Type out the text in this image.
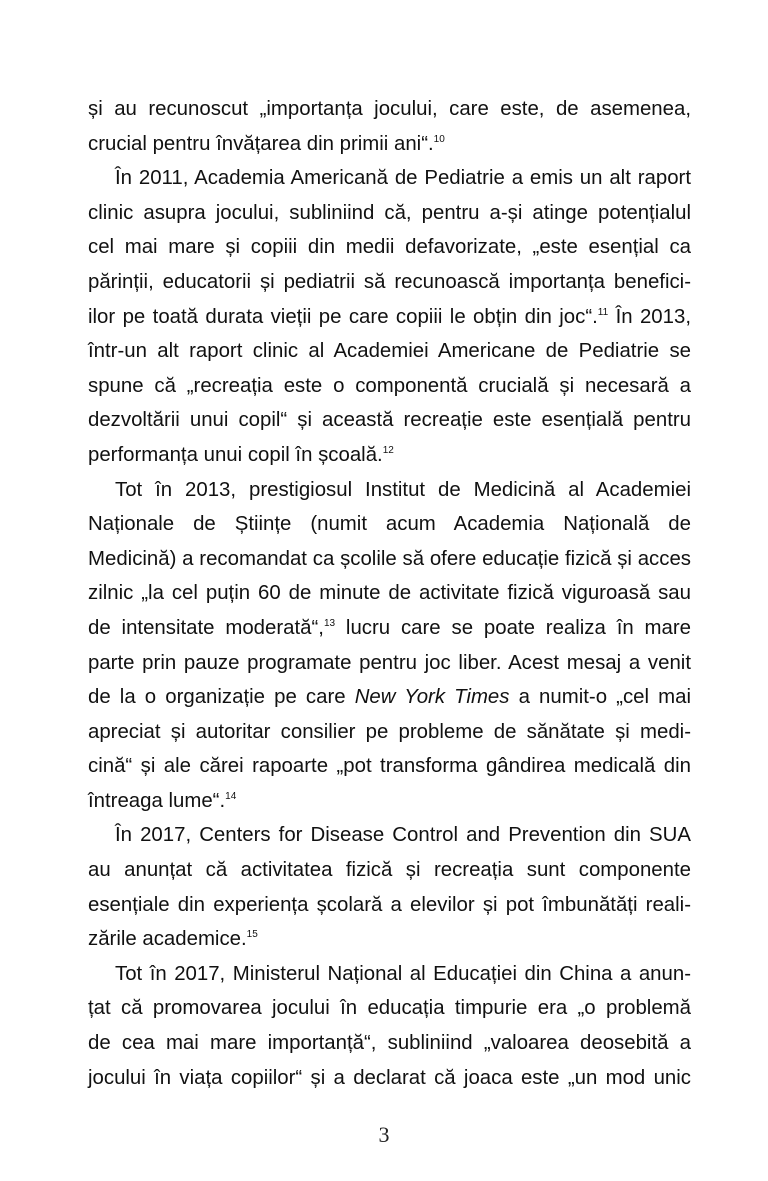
și au recunoscut „importanța jocului, care este, de asemenea,
crucial pentru învățarea din primii ani“.$^{10}$

În 2011, Academia Americană de Pediatrie a emis un alt raport
clinic asupra jocului, subliniind că, pentru a-și atinge potențialul
cel mai mare și copiii din medii defavorizate, „este esențial ca
părinții, educatorii și pediatrii să recunoască importanța benefici-
ilor pe toată durata vieții pe care copiii le obțin din joc“.$^{11}$ În 2013,
într-un alt raport clinic al Academiei Americane de Pediatrie se
spune că „recreația este o componentă crucială și necesară a
dezvoltării unui copil“ și această recreație este esențială pentru
performanța unui copil în școală.$^{12}$

Tot în 2013, prestigiosul Institut de Medicină al Academiei
Naționale de Științe (numit acum Academia Națională de
Medicină) a recomandat ca școlile să ofere educație fizică și acces
zilnic „la cel puțin 60 de minute de activitate fizică viguroasă sau
de intensitate moderată“,$^{13}$ lucru care se poate realiza în mare
parte prin pauze programate pentru joc liber. Acest mesaj a venit
de la o organizație pe care New York Times a numit-o „cel mai
apreciat și autoritar consilier pe probleme de sănătate și medi-
cină“ și ale cărei rapoarte „pot transforma gândirea medicală din
întreaga lume“.$^{14}$

În 2017, Centers for Disease Control and Prevention din SUA
au anunțat că activitatea fizică și recreația sunt componente
esențiale din experiența școlară a elevilor și pot îmbunătăți reali-
zările academice.$^{15}$

Tot în 2017, Ministerul Național al Educației din China a anun-
țat că promovarea jocului în educația timpurie era „o problemă
de cea mai mare importanță“, subliniind „valoarea deosebită a
jocului în viața copiilor“ și a declarat că joaca este „un mod unic

3
